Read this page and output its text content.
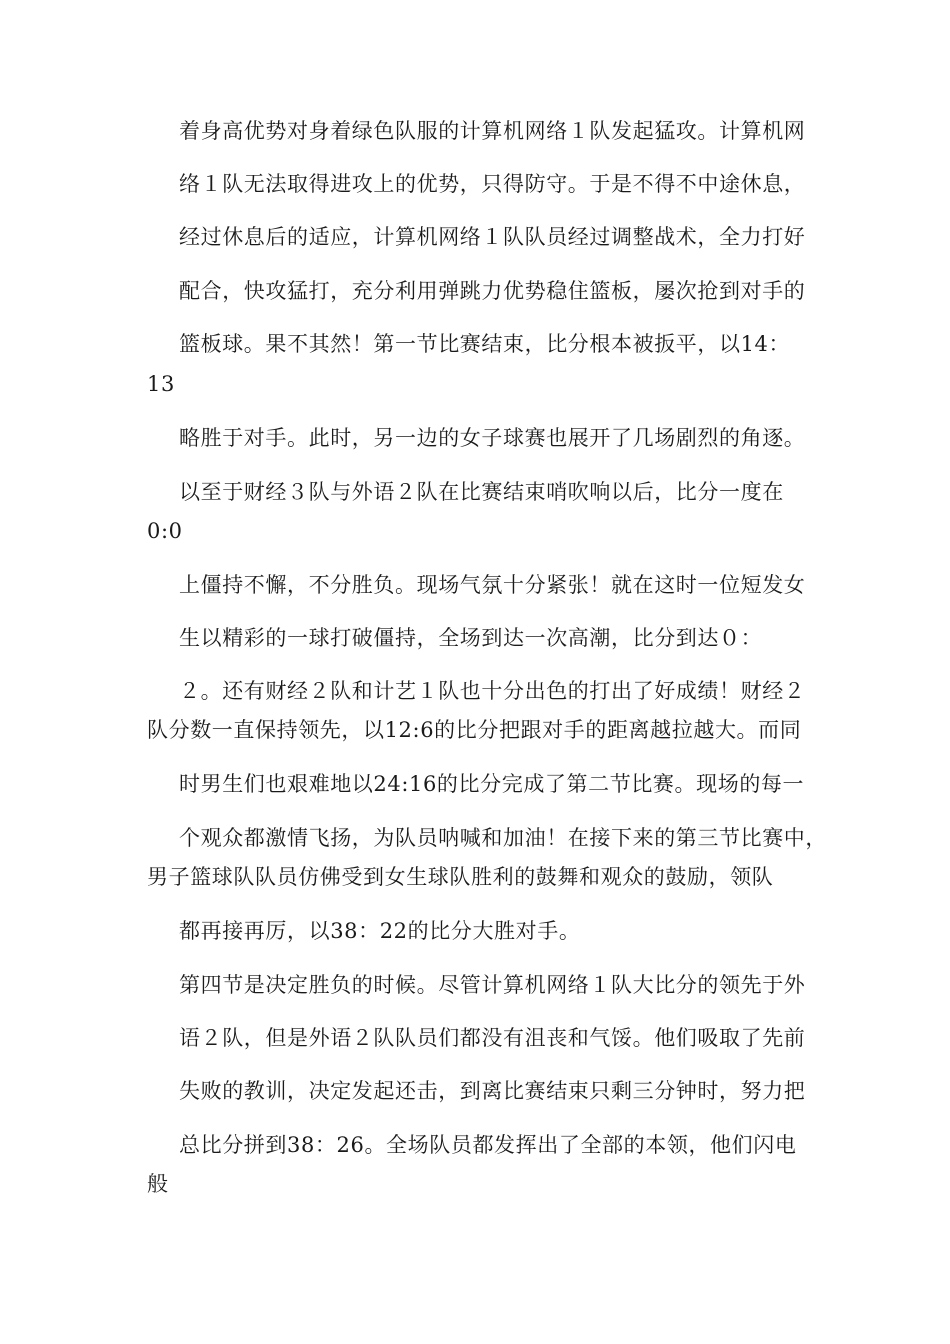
着身高优势对身着绿色队服的计算机网络１队发起猛攻。计算机网
络１队无法取得进攻上的优势，只得防守。于是不得不中途休息，
经过休息后的适应，计算机网络１队队员经过调整战术，全力打好
配合，快攻猛打，充分利用弹跳力优势稳住篮板，屡次抢到对手的
篮板球。果不其然！第一节比赛结束，比分根本被扳平，以14：
13
略胜于对手。此时，另一边的女子球赛也展开了几场剧烈的角逐。
以至于财经３队与外语２队在比赛结束哨吹响以后，比分一度在
0:0
上僵持不懈，不分胜负。现场气氛十分紧张！就在这时一位短发女
生以精彩的一球打破僵持，全场到达一次高潮，比分到达０：
２。还有财经２队和计艺１队也十分出色的打出了好成绩！财经２
队分数一直保持领先，以12:6的比分把跟对手的距离越拉越大。而同
时男生们也艰难地以24:16的比分完成了第二节比赛。现场的每一
个观众都激情飞扬，为队员呐喊和加油！在接下来的第三节比赛中，
男子篮球队队员仿佛受到女生球队胜利的鼓舞和观众的鼓励，领队
都再接再厉，以38：22的比分大胜对手。
第四节是决定胜负的时候。尽管计算机网络１队大比分的领先于外
语２队，但是外语２队队员们都没有沮丧和气馁。他们吸取了先前
失败的教训，决定发起还击，到离比赛结束只剩三分钟时，努力把
总比分拼到38：26。全场队员都发挥出了全部的本领，他们闪电
般
